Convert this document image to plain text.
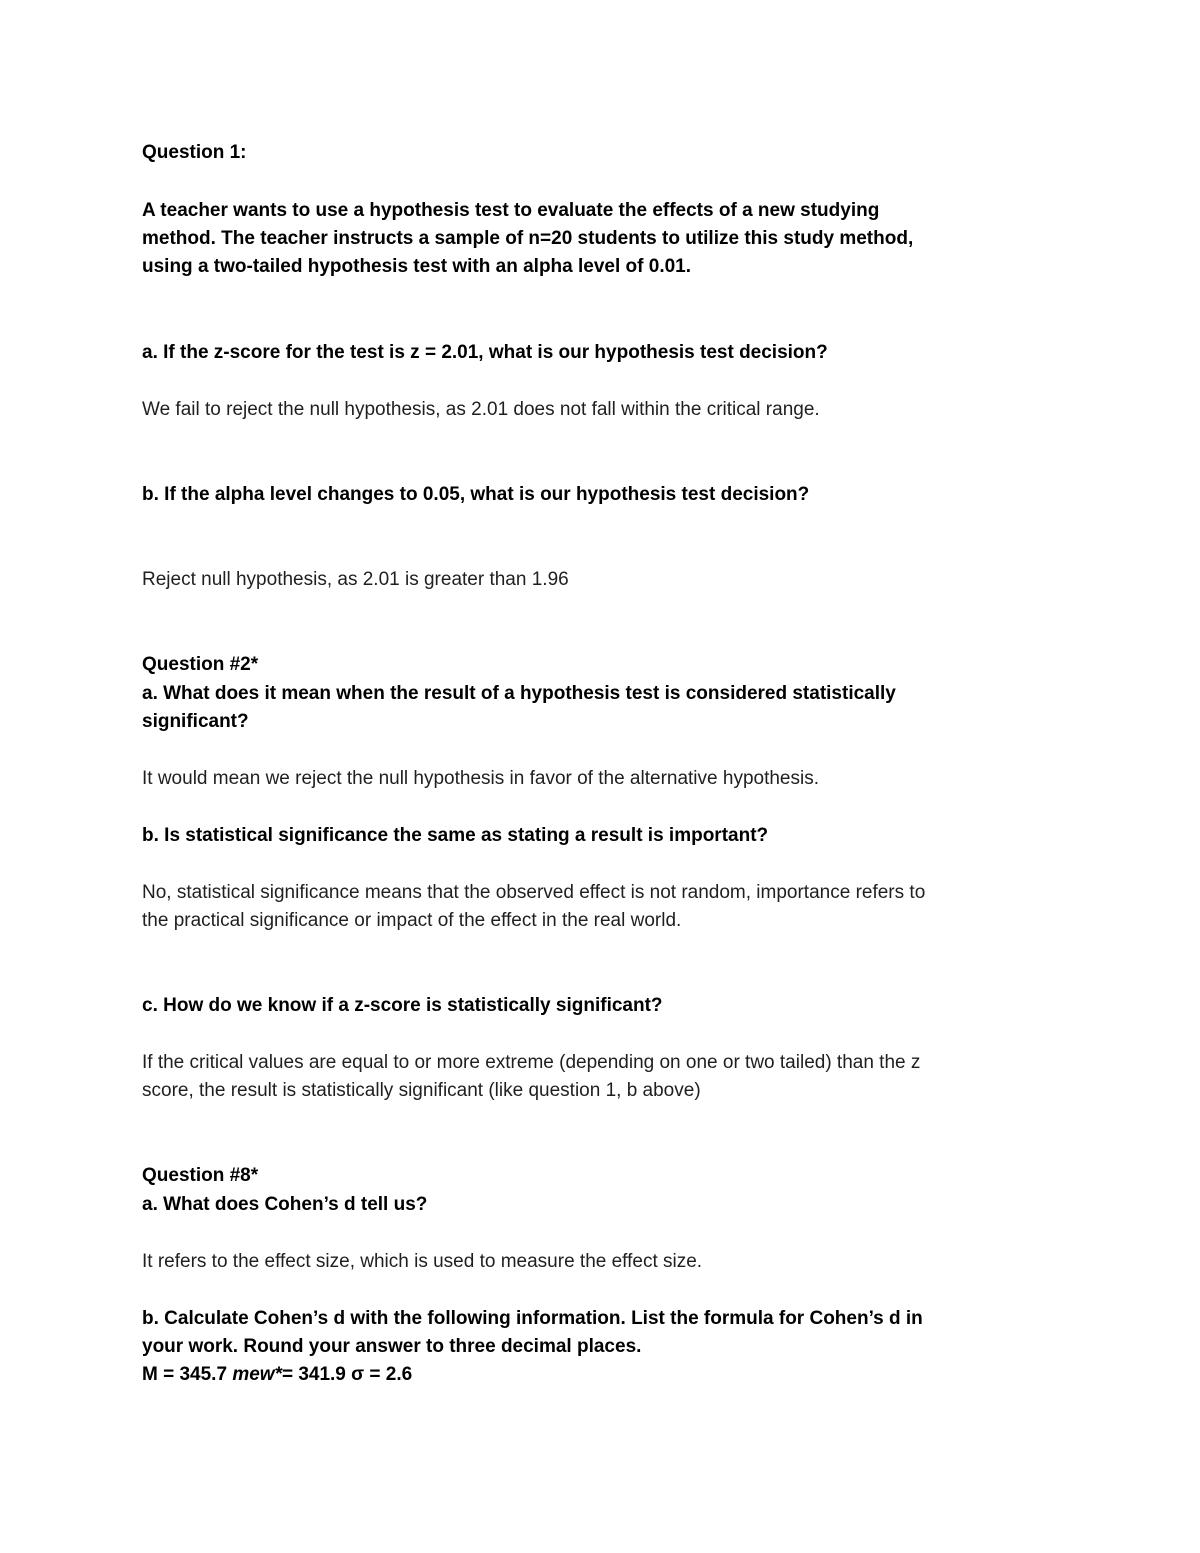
Question 1:
A teacher wants to use a hypothesis test to evaluate the effects of a new studying
method. The teacher instructs a sample of n=20 students to utilize this study method,
using a two-tailed hypothesis test with an alpha level of 0.01.
a. If the z-score for the test is z = 2.01, what is our hypothesis test decision?
We fail to reject the null hypothesis, as 2.01 does not fall within the critical range.
b. If the alpha level changes to 0.05, what is our hypothesis test decision?
Reject null hypothesis, as 2.01 is greater than 1.96
Question #2*
a. What does it mean when the result of a hypothesis test is considered statistically
significant?
It would mean we reject the null hypothesis in favor of the alternative hypothesis.
b. Is statistical significance the same as stating a result is important?
No, statistical significance means that the observed effect is not random, importance refers to
the practical significance or impact of the effect in the real world.
c. How do we know if a z-score is statistically significant?
If the critical values are equal to or more extreme (depending on one or two tailed) than the z
score, the result is statistically significant (like question 1, b above)
Question #8*
a. What does Cohen’s d tell us?
It refers to the effect size, which is used to measure the effect size.
b. Calculate Cohen’s d with the following information. List the formula for Cohen’s d in
your work. Round your answer to three decimal places.
M = 345.7 mew*= 341.9 σ = 2.6
